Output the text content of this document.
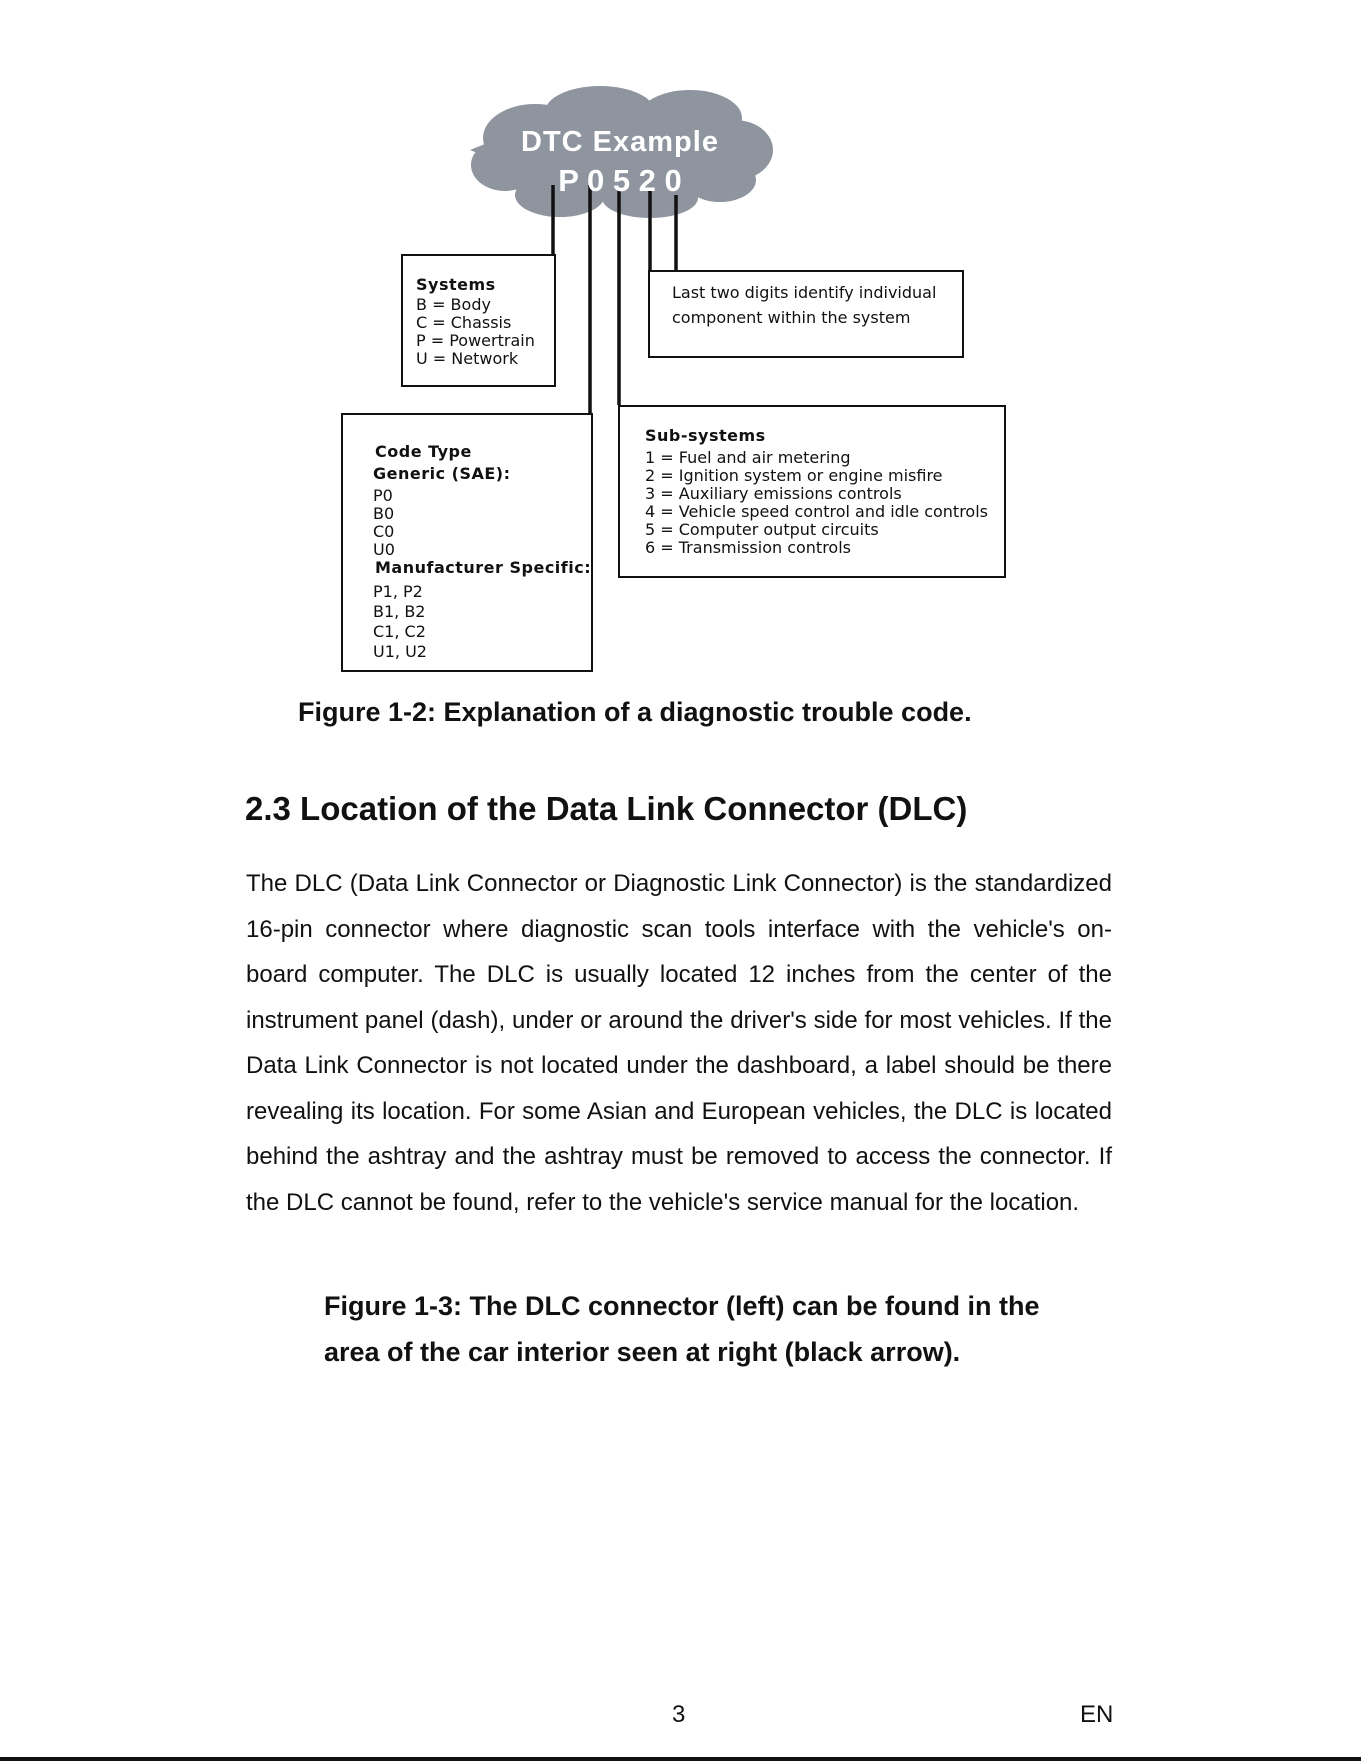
DTC Example
P 0 5 2 0
Systems
B = Body
C = Chassis
P = Powertrain
U = Network
Last two digits identify individual
component within the system
Code Type
Generic (SAE):
P0
B0
C0
U0
Manufacturer Specific:
P1, P2
B1, B2
C1, C2
U1, U2
Sub-systems
1 = Fuel and air metering
2 = Ignition system or engine misfire
3 = Auxiliary emissions controls
4 = Vehicle speed control and idle controls
5 = Computer output circuits
6 = Transmission controls
Figure 1-2: Explanation of a diagnostic trouble code.
2.3 Location of the Data Link Connector (DLC)

The DLC (Data Link Connector or Diagnostic Link Connector) is the standardized 16-pin connector where diagnostic scan tools interface with the vehicle's on-board computer. The DLC is usually located 12 inches from the center of the instrument panel (dash), under or around the driver's side for most vehicles. If the Data Link Connector is not located under the dashboard, a label should be there revealing its location. For some Asian and European vehicles, the DLC is located behind the ashtray and the ashtray must be removed to access the connector. If the DLC cannot be found, refer to the vehicle's service manual for the location.

Figure 1-3: The DLC connector (left) can be found in the
area of the car interior seen at right (black arrow).
3	EN
